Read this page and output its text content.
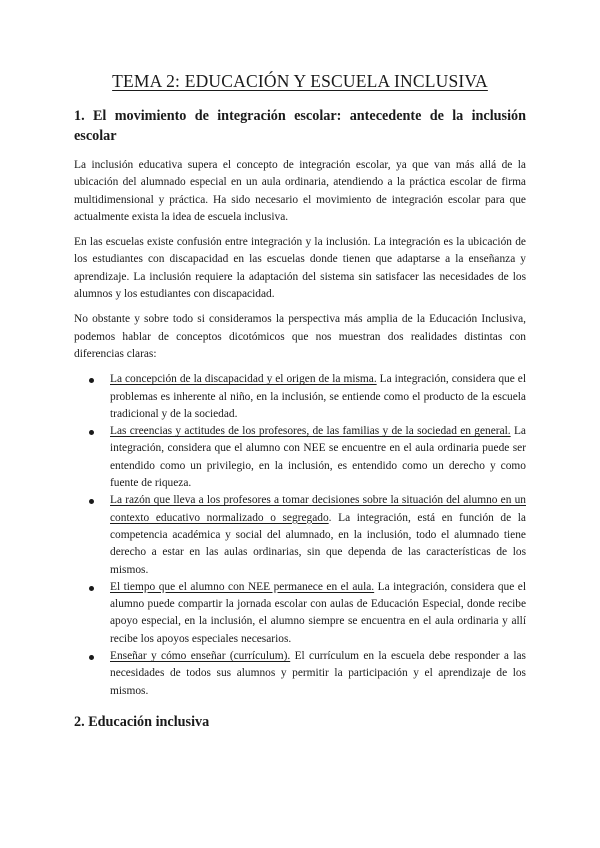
TEMA 2: EDUCACIÓN Y ESCUELA INCLUSIVA
1. El movimiento de integración escolar: antecedente de la inclusión escolar

La inclusión educativa supera el concepto de integración escolar, ya que van más allá de la ubicación del alumnado especial en un aula ordinaria, atendiendo a la práctica escolar de firma multidimensional y práctica. Ha sido necesario el movimiento de integración escolar para que actualmente exista la idea de escuela inclusiva.

En las escuelas existe confusión entre integración y la inclusión. La integración es la ubicación de los estudiantes con discapacidad en las escuelas donde tienen que adaptarse a la enseñanza y aprendizaje. La inclusión requiere la adaptación del sistema sin satisfacer las necesidades de los alumnos y los estudiantes con discapacidad.

No obstante y sobre todo si consideramos la perspectiva más amplia de la Educación Inclusiva, podemos hablar de conceptos dicotómicos que nos muestran dos realidades distintas con diferencias claras:

La concepción de la discapacidad y el origen de la misma. La integración, considera que el problemas es inherente al niño, en la inclusión, se entiende como el producto de la escuela tradicional y de la sociedad.
Las creencias y actitudes de los profesores, de las familias y de la sociedad en general. La integración, considera que el alumno con NEE se encuentre en el aula ordinaria puede ser entendido como un privilegio, en la inclusión, es entendido como un derecho y como fuente de riqueza.
La razón que lleva a los profesores a tomar decisiones sobre la situación del alumno en un contexto educativo normalizado o segregado. La integración, está en función de la competencia académica y social del alumnado, en la inclusión, todo el alumnado tiene derecho a estar en las aulas ordinarias, sin que dependa de las características de los mismos.
El tiempo que el alumno con NEE permanece en el aula. La integración, considera que el alumno puede compartir la jornada escolar con aulas de Educación Especial, donde recibe apoyo especial, en la inclusión, el alumno siempre se encuentra en el aula ordinaria y allí recibe los apoyos especiales necesarios.
Enseñar y cómo enseñar (currículum). El currículum en la escuela debe responder a las necesidades de todos sus alumnos y permitir la participación y el aprendizaje de los mismos.
2. Educación inclusiva
